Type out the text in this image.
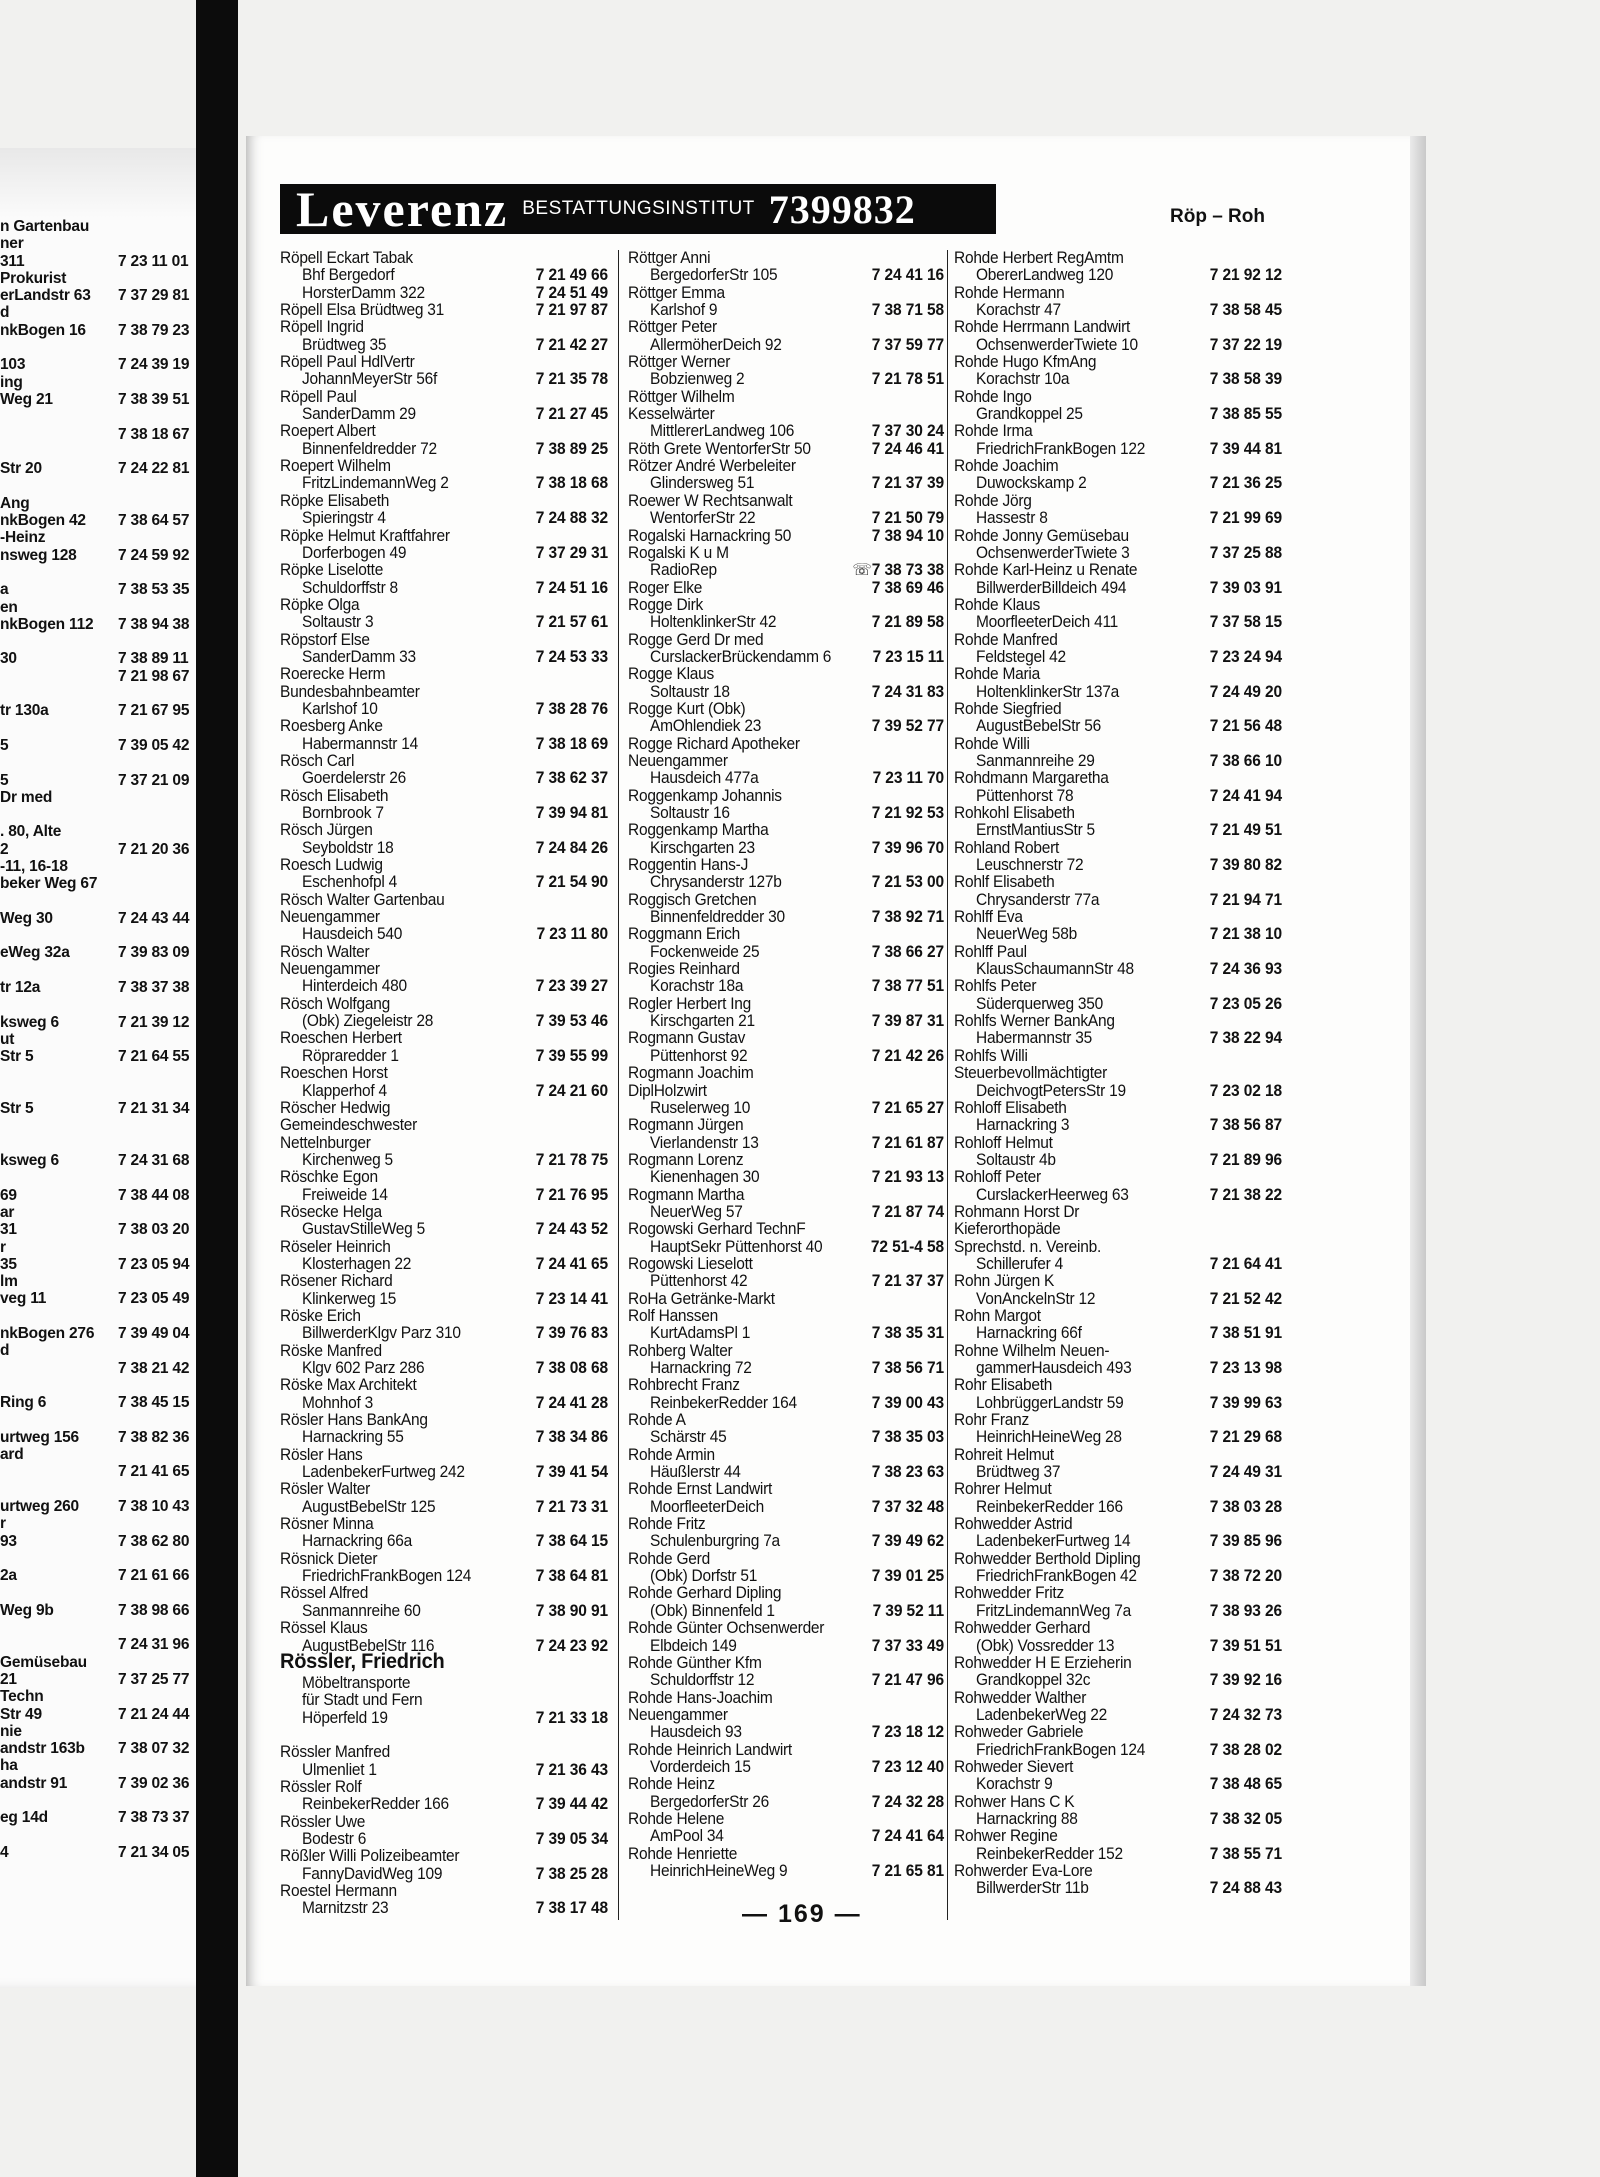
n Gartenbau
ner
311	7 23 11 01
Prokurist
erLandstr 63 7 37 29 81
d
nkBogen 16 7 38 79 23
103	7 24 39 19
ing
Weg 21	7 38 39 51
7 38 18 67
Str 20	7 24 22 81
Ang
nkBogen 42 7 38 64 57
-Heinz
nsweg 128	7 24 59 92
a	7 38 53 35
en
nkBogen 112 7 38 94 38
30	7 38 89 11
7 21 98 67
tr 130a	7 21 67 95
5	7 39 05 42
5	7 37 21 09
Dr med
. 80, Alte
2	7 21 20 36
-11, 16-18
beker Weg 67
Weg 30	7 24 43 44
eWeg 32a	7 39 83 09
tr 12a	7 38 37 38
ksweg 6	7 21 39 12
ut
Str 5	7 21 64 55
Str 5	7 21 31 34
ksweg 6	7 24 31 68
69	7 38 44 08
ar
31	7 38 03 20
r
35	7 23 05 94
lm
veg 11	7 23 05 49
nkBogen 276 7 39 49 04
d
7 38 21 42
Ring 6	7 38 45 15
urtweg 156	7 38 82 36
ard
7 21 41 65
urtweg 260	7 38 10 43
r
93	7 38 62 80
2a	7 21 61 66
Weg 9b	7 38 98 66
7 24 31 96
Gemüsebau
21	7 37 25 77
Techn
Str 49	7 21 24 44
nie
andstr 163b 7 38 07 32
ha
andstr 91	7 39 02 36
eg 14d	7 38 73 37
4	7 21 34 05
Leverenz BESTATTUNGSINSTITUT 7399832	Röp – Roh
Röpell Eckart Tabak
Bhf Bergedorf	7 21 49 66
HorsterDamm 322	7 24 51 49
Röpell Elsa Brüdtweg 31	7 21 97 87
Röpell Ingrid
Brüdtweg 35	7 21 42 27
Röpell Paul HdlVertr
JohannMeyerStr 56f	7 21 35 78
Röpell Paul
SanderDamm 29	7 21 27 45
Roepert Albert
Binnenfeldredder 72	7 38 89 25
Roepert Wilhelm
FritzLindemannWeg 2	7 38 18 68
Röpke Elisabeth
Spieringstr 4	7 24 88 32
Röpke Helmut Kraftfahrer
Dorferbogen 49	7 37 29 31
Röpke Liselotte
Schuldorffstr 8	7 24 51 16
Röpke Olga
Soltaustr 3	7 21 57 61
Röpstorf Else
SanderDamm 33	7 24 53 33
Roerecke Herm
Bundesbahnbeamter
Karlshof 10	7 38 28 76
Roesberg Anke
Habermannstr 14	7 38 18 69
Rösch Carl
Goerdelerstr 26	7 38 62 37
Rösch Elisabeth
Bornbrook 7	7 39 94 81
Rösch Jürgen
Seyboldstr 18	7 24 84 26
Roesch Ludwig
Eschenhofpl 4	7 21 54 90
Rösch Walter Gartenbau
Neuengammer
Hausdeich 540	7 23 11 80
Rösch Walter
Neuengammer
Hinterdeich 480	7 23 39 27
Rösch Wolfgang
(Obk) Ziegeleistr 28	7 39 53 46
Roeschen Herbert
Röpraredder 1	7 39 55 99
Roeschen Horst
Klapperhof 4	7 24 21 60
Röscher Hedwig
Gemeindeschwester
Nettelnburger
Kirchenweg 5	7 21 78 75
Röschke Egon
Freiweide 14	7 21 76 95
Rösecke Helga
GustavStilleWeg 5	7 24 43 52
Röseler Heinrich
Klosterhagen 22	7 24 41 65
Rösener Richard
Klinkerweg 15	7 23 14 41
Röske Erich
BillwerderKlgv Parz 310	7 39 76 83
Röske Manfred
Klgv 602 Parz 286	7 38 08 68
Röske Max Architekt
Mohnhof 3	7 24 41 28
Rösler Hans BankAng
Harnackring 55	7 38 34 86
Rösler Hans
LadenbekerFurtweg 242	7 39 41 54
Rösler Walter
AugustBebelStr 125	7 21 73 31
Rösner Minna
Harnackring 66a	7 38 64 15
Rösnick Dieter
FriedrichFrankBogen 124	7 38 64 81
Rössel Alfred
Sanmannreihe 60	7 38 90 91
Rössel Klaus
AugustBebelStr 116	7 24 23 92
Rössler, Friedrich
Möbeltransporte
für Stadt und Fern
Höperfeld 19	7 21 33 18
Rössler Manfred
Ulmenliet 1	7 21 36 43
Rössler Rolf
ReinbekerRedder 166	7 39 44 42
Rössler Uwe
Bodestr 6	7 39 05 34
Rößler Willi Polizeibeamter
FannyDavidWeg 109	7 38 25 28
Roestel Hermann
Marnitzstr 23	7 38 17 48
Röttger Anni
BergedorferStr 105	7 24 41 16
Röttger Emma
Karlshof 9	7 38 71 58
Röttger Peter
AllermöherDeich 92	7 37 59 77
Röttger Werner
Bobzienweg 2	7 21 78 51
Röttger Wilhelm
Kesselwärter
MittlererLandweg 106	7 37 30 24
Röth Grete WentorferStr 50	7 24 46 41
Rötzer André Werbeleiter
Glindersweg 51	7 21 37 39
Roewer W Rechtsanwalt
WentorferStr 22	7 21 50 79
Rogalski Harnackring 50	7 38 94 10
Rogalski K u M
RadioRep	☏7 38 73 38
Roger Elke	7 38 69 46
Rogge Dirk
HoltenklinkerStr 42	7 21 89 58
Rogge Gerd Dr med
CurslackerBrückendamm 6	7 23 15 11
Rogge Klaus
Soltaustr 18	7 24 31 83
Rogge Kurt (Obk)
AmOhlendiek 23	7 39 52 77
Rogge Richard Apotheker
Neuengammer
Hausdeich 477a	7 23 11 70
Roggenkamp Johannis
Soltaustr 16	7 21 92 53
Roggenkamp Martha
Kirschgarten 23	7 39 96 70
Roggentin Hans-J
Chrysanderstr 127b	7 21 53 00
Roggisch Gretchen
Binnenfeldredder 30	7 38 92 71
Roggmann Erich
Fockenweide 25	7 38 66 27
Rogies Reinhard
Korachstr 18a	7 38 77 51
Rogler Herbert Ing
Kirschgarten 21	7 39 87 31
Rogmann Gustav
Püttenhorst 92	7 21 42 26
Rogmann Joachim
DiplHolzwirt
Ruselerweg 10	7 21 65 27
Rogmann Jürgen
Vierlandenstr 13	7 21 61 87
Rogmann Lorenz
Kienenhagen 30	7 21 93 13
Rogmann Martha
NeuerWeg 57	7 21 87 74
Rogowski Gerhard TechnF
HauptSekr Püttenhorst 40	72 51-4 58
Rogowski Lieselott
Püttenhorst 42	7 21 37 37
RoHa Getränke-Markt
Rolf Hanssen
KurtAdamsPl 1	7 38 35 31
Rohberg Walter
Harnackring 72	7 38 56 71
Rohbrecht Franz
ReinbekerRedder 164	7 39 00 43
Rohde A
Schärstr 45	7 38 35 03
Rohde Armin
Häußlerstr 44	7 38 23 63
Rohde Ernst Landwirt
MoorfleeterDeich	7 37 32 48
Rohde Fritz
Schulenburgring 7a	7 39 49 62
Rohde Gerd
(Obk) Dorfstr 51	7 39 01 25
Rohde Gerhard Dipling
(Obk) Binnenfeld 1	7 39 52 11
Rohde Günter Ochsenwerder
Elbdeich 149	7 37 33 49
Rohde Günther Kfm
Schuldorffstr 12	7 21 47 96
Rohde Hans-Joachim
Neuengammer
Hausdeich 93	7 23 18 12
Rohde Heinrich Landwirt
Vorderdeich 15	7 23 12 40
Rohde Heinz
BergedorferStr 26	7 24 32 28
Rohde Helene
AmPool 34	7 24 41 64
Rohde Henriette
HeinrichHeineWeg 9	7 21 65 81
Rohde Herbert RegAmtm
ObererLandweg 120	7 21 92 12
Rohde Hermann
Korachstr 47	7 38 58 45
Rohde Herrmann Landwirt
OchsenwerderTwiete 10	7 37 22 19
Rohde Hugo KfmAng
Korachstr 10a	7 38 58 39
Rohde Ingo
Grandkoppel 25	7 38 85 55
Rohde Irma
FriedrichFrankBogen 122	7 39 44 81
Rohde Joachim
Duwockskamp 2	7 21 36 25
Rohde Jörg
Hassestr 8	7 21 99 69
Rohde Jonny Gemüsebau
OchsenwerderTwiete 3	7 37 25 88
Rohde Karl-Heinz u Renate
BillwerderBilldeich 494	7 39 03 91
Rohde Klaus
MoorfleeterDeich 411	7 37 58 15
Rohde Manfred
Feldstegel 42	7 23 24 94
Rohde Maria
HoltenklinkerStr 137a	7 24 49 20
Rohde Siegfried
AugustBebelStr 56	7 21 56 48
Rohde Willi
Sanmannreihe 29	7 38 66 10
Rohdmann Margaretha
Püttenhorst 78	7 24 41 94
Rohkohl Elisabeth
ErnstMantiusStr 5	7 21 49 51
Rohland Robert
Leuschnerstr 72	7 39 80 82
Rohlf Elisabeth
Chrysanderstr 77a	7 21 94 71
Rohlff Eva
NeuerWeg 58b	7 21 38 10
Rohlff Paul
KlausSchaumannStr 48	7 24 36 93
Rohlfs Peter
Süderquerweg 350	7 23 05 26
Rohlfs Werner BankAng
Habermannstr 35	7 38 22 94
Rohlfs Willi
Steuerbevollmächtigter
DeichvogtPetersStr 19	7 23 02 18
Rohloff Elisabeth
Harnackring 3	7 38 56 87
Rohloff Helmut
Soltaustr 4b	7 21 89 96
Rohloff Peter
CurslackerHeerweg 63	7 21 38 22
Rohmann Horst Dr
Kieferorthopäde
Sprechstd. n. Vereinb.
Schillerufer 4	7 21 64 41
Rohn Jürgen K
VonAnckelnStr 12	7 21 52 42
Rohn Margot
Harnackring 66f	7 38 51 91
Rohne Wilhelm Neuen-
gammerHausdeich 493	7 23 13 98
Rohr Elisabeth
LohbrüggerLandstr 59	7 39 99 63
Rohr Franz
HeinrichHeineWeg 28	7 21 29 68
Rohreit Helmut
Brüdtweg 37	7 24 49 31
Rohrer Helmut
ReinbekerRedder 166	7 38 03 28
Rohwedder Astrid
LadenbekerFurtweg 14	7 39 85 96
Rohwedder Berthold Dipling
FriedrichFrankBogen 42	7 38 72 20
Rohwedder Fritz
FritzLindemannWeg 7a	7 38 93 26
Rohwedder Gerhard
(Obk) Vossredder 13	7 39 51 51
Rohwedder H E Erzieherin
Grandkoppel 32c	7 39 92 16
Rohwedder Walther
LadenbekerWeg 22	7 24 32 73
Rohweder Gabriele
FriedrichFrankBogen 124	7 38 28 02
Rohweder Sievert
Korachstr 9	7 38 48 65
Rohwer Hans C K
Harnackring 88	7 38 32 05
Rohwer Regine
ReinbekerRedder 152	7 38 55 71
Rohwerder Eva-Lore
BillwerderStr 11b	7 24 88 43
— 169 —
